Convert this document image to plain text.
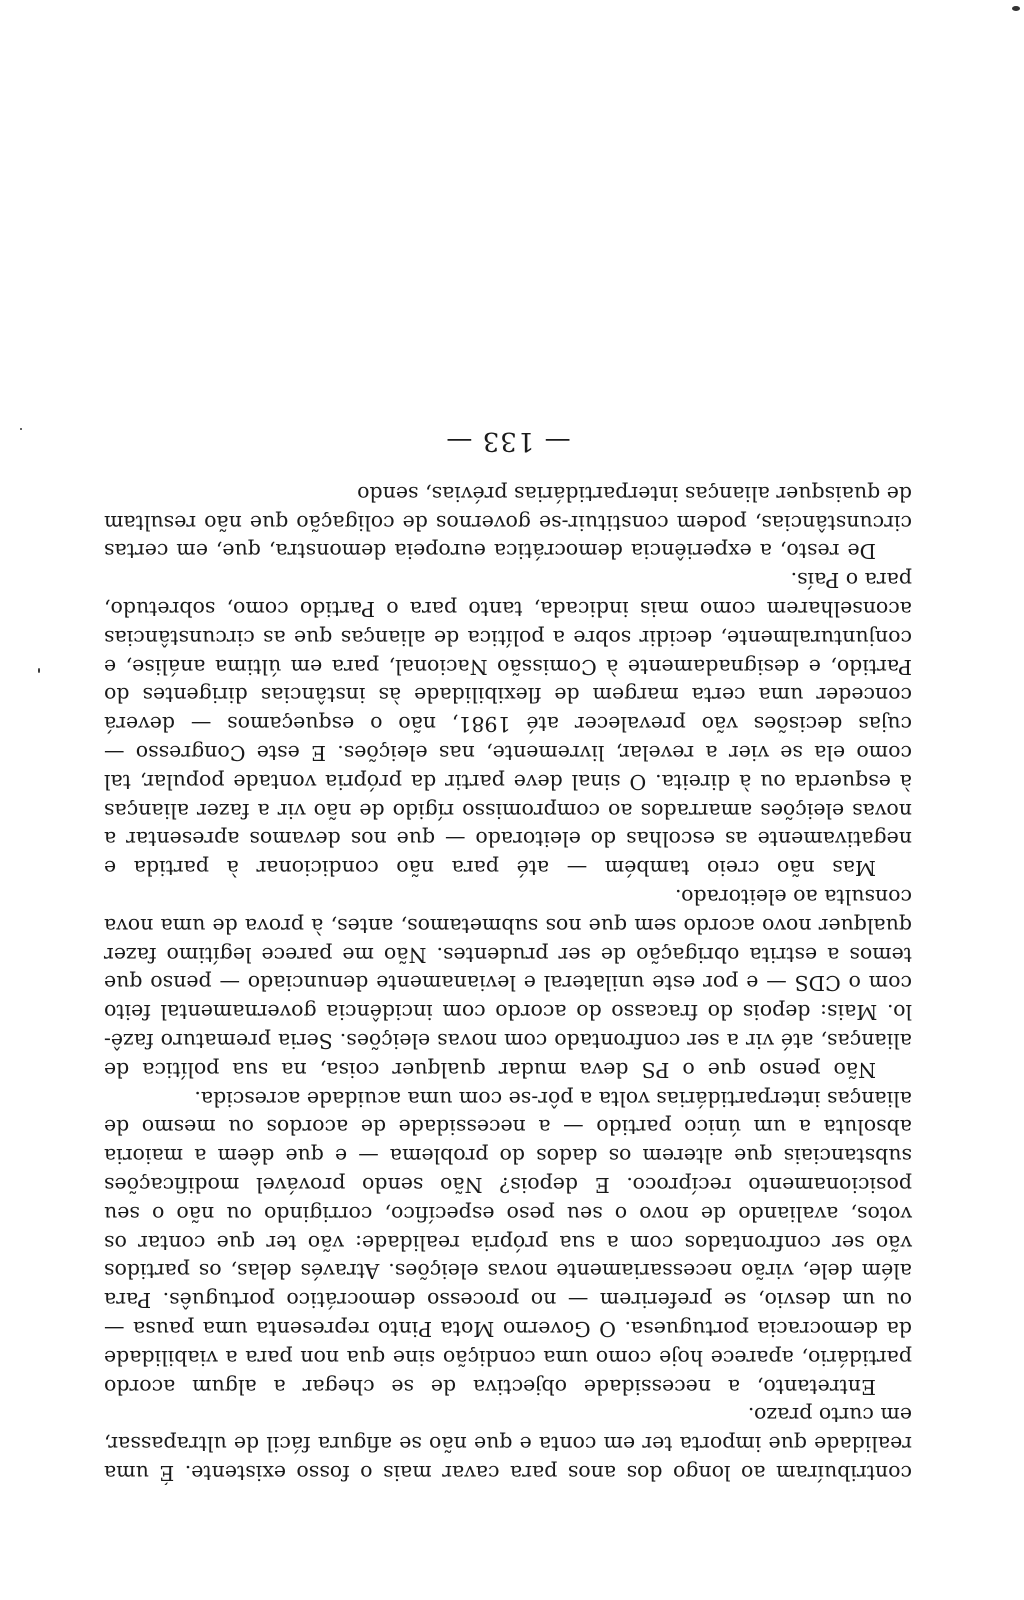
contribuíram ao longo dos anos para cavar mais o fosso existente. É uma realidade que importa ter em conta e que não se afigura fácil de ultrapassar, em curto prazo.

Entretanto, a necessidade objectiva de se chegar a algum acordo partidário, aparece hoje como uma condição sine qua non para a viabilidade da democracia portuguesa. O Governo Mota Pinto representa uma pausa — ou um desvio, se preferirem — no processo democrático português. Para além dele, virão necessariamente novas eleições. Através delas, os partidos vão ser confrontados com a sua própria realidade: vão ter que contar os votos, avaliando de novo o seu peso específico, corrigindo ou não o seu posicionamento recíproco. E depois? Não sendo provável modificações substanciais que alterem os dados do problema — e que dêem a maioria absoluta a um único partido — a necessidade de acordos ou mesmo de alianças interpartidárias volta a pôr-se com uma acuidade acrescida.

Não penso que o PS deva mudar qualquer coisa, na sua política de alianças, até vir a ser confrontado com novas eleições. Seria prematuro fazê-lo. Mais: depois do fracasso do acordo com incidência governamental feito com o CDS — e por este unilateral e levianamente denunciado — penso que temos a estrita obrigação de ser prudentes. Não me parece legítimo fazer qualquer novo acordo sem que nos submetamos, antes, à prova de uma nova consulta ao eleitorado.

Mas não creio também — até para não condicionar à partida e negativamente as escolhas do eleitorado — que nos devamos apresentar a novas eleições amarrados ao compromisso rígido de não vir a fazer alianças à esquerda ou à direita. O sinal deve partir da própria vontade popular, tal como ela se vier a revelar, livremente, nas eleições. E este Congresso — cujas decisões vão prevalecer até 1981, não o esqueçamos — deverá conceder uma certa margem de flexibilidade às instâncias dirigentes do Partido, e designadamente à Comissão Nacional, para em última análise, e conjunturalmente, decidir sobre a política de alianças que as circunstâncias aconselharem como mais indicada, tanto para o Partido como, sobretudo, para o País.

De resto, a experiência democrática europeia demonstra, que, em certas circunstâncias, podem constituir-se governos de coligação que não resultam de quaisquer alianças interpartidárias prévias, sendo

— 133 —
